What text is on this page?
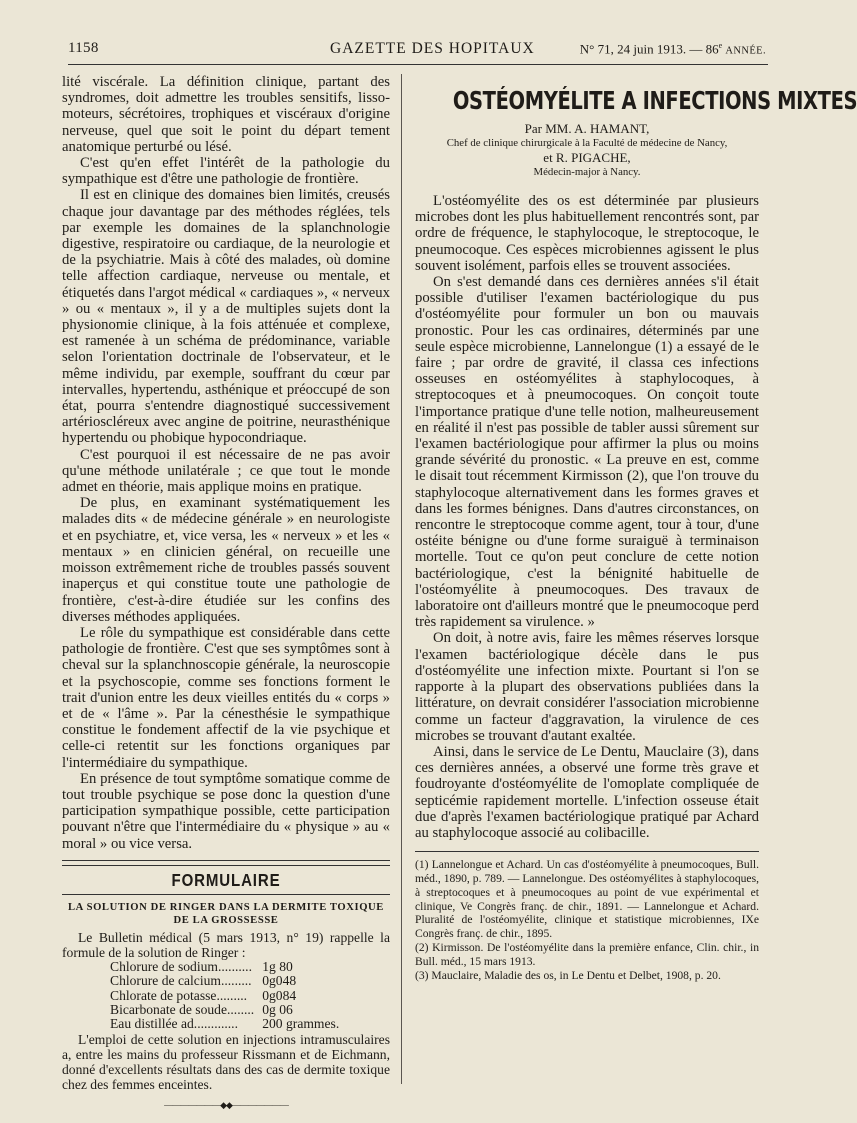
1158	GAZETTE DES HOPITAUX	N° 71, 24 juin 1913. — 86e ANNÉE.

lité viscérale. La définition clinique, partant des syndromes, doit admettre les troubles sensitifs, lisso-moteurs, sécrétoires, trophiques et viscéraux d'origine nerveuse, quel que soit le point du départ tement anatomique perturbé ou lésé.

C'est qu'en effet l'intérêt de la pathologie du sympathique est d'être une pathologie de frontière.

Il est en clinique des domaines bien limités, creusés chaque jour davantage par des méthodes réglées, tels par exemple les domaines de la splanchnologie digestive, respiratoire ou cardiaque, de la neurologie et de la psychiatrie. Mais à côté des malades, où domine telle affection cardiaque, nerveuse ou mentale, et étiquetés dans l'argot médical « cardiaques », « nerveux » ou « mentaux », il y a de multiples sujets dont la physionomie clinique, à la fois atténuée et complexe, est ramenée à un schéma de prédominance, variable selon l'orientation doctrinale de l'observateur, et le même individu, par exemple, souffrant du cœur par intervalles, hypertendu, asthénique et préoccupé de son état, pourra s'entendre diagnostiqué successivement artérioscléreux avec angine de poitrine, neurasthénique hypertendu ou phobique hypocondriaque.

C'est pourquoi il est nécessaire de ne pas avoir qu'une méthode unilatérale ; ce que tout le monde admet en théorie, mais applique moins en pratique.

De plus, en examinant systématiquement les malades dits « de médecine générale » en neurologiste et en psychiatre, et, vice versa, les « nerveux » et les « mentaux » en clinicien général, on recueille une moisson extrêmement riche de troubles passés souvent inaperçus et qui constitue toute une pathologie de frontière, c'est-à-dire étudiée sur les confins des diverses méthodes appliquées.

Le rôle du sympathique est considérable dans cette pathologie de frontière. C'est que ses symptômes sont à cheval sur la splanchnoscopie générale, la neuroscopie et la psychoscopie, comme ses fonctions forment le trait d'union entre les deux vieilles entités du « corps » et de « l'âme ». Par la cénesthésie le sympathique constitue le fondement affectif de la vie psychique et celle-ci retentit sur les fonctions organiques par l'intermédiaire du sympathique.

En présence de tout symptôme somatique comme de tout trouble psychique se pose donc la question d'une participation sympathique possible, cette participation pouvant n'être que l'intermédiaire du « physique » au « moral » ou vice versa.

FORMULAIRE
LA SOLUTION DE RINGER DANS LA DERMITE TOXIQUE
DE LA GROSSESSE

Le Bulletin médical (5 mars 1913, n° 19) rappelle la formule de la solution de Ringer :

Chlorure de sodium..........	1g 80
Chlorure de calcium.........	0g048
Chlorate de potasse.........	0g084
Bicarbonate de soude........	0g 06
Eau distillée ad.............	200 grammes.

L'emploi de cette solution en injections intramusculaires a, entre les mains du professeur Rissmann et de Eichmann, donné d'excellents résultats dans des cas de dermite toxique chez des femmes enceintes.

———————◆◆———————
OSTÉOMYÉLITE A INFECTIONS MIXTES

Par MM. A. HAMANT,

Chef de clinique chirurgicale à la Faculté de médecine de Nancy,

et R. PIGACHE,

Médecin-major à Nancy.

L'ostéomyélite des os est déterminée par plusieurs microbes dont les plus habituellement rencontrés sont, par ordre de fréquence, le staphylocoque, le streptocoque, le pneumocoque. Ces espèces microbiennes agissent le plus souvent isolément, parfois elles se trouvent associées.

On s'est demandé dans ces dernières années s'il était possible d'utiliser l'examen bactériologique du pus d'ostéomyélite pour formuler un bon ou mauvais pronostic. Pour les cas ordinaires, déterminés par une seule espèce microbienne, Lannelongue (1) a essayé de le faire ; par ordre de gravité, il classa ces infections osseuses en ostéomyélites à staphylocoques, à streptocoques et à pneumocoques. On conçoit toute l'importance pratique d'une telle notion, malheureusement en réalité il n'est pas possible de tabler aussi sûrement sur l'examen bactériologique pour affirmer la plus ou moins grande sévérité du pronostic. « La preuve en est, comme le disait tout récemment Kirmisson (2), que l'on trouve du staphylocoque alternativement dans les formes graves et dans les formes bénignes. Dans d'autres circonstances, on rencontre le streptocoque comme agent, tour à tour, d'une ostéite bénigne ou d'une forme suraiguë à terminaison mortelle. Tout ce qu'on peut conclure de cette notion bactériologique, c'est la bénignité habituelle de l'ostéomyélite à pneumocoques. Des travaux de laboratoire ont d'ailleurs montré que le pneumocoque perd très rapidement sa virulence. »

On doit, à notre avis, faire les mêmes réserves lorsque l'examen bactériologique décèle dans le pus d'ostéomyélite une infection mixte. Pourtant si l'on se rapporte à la plupart des observations publiées dans la littérature, on devrait considérer l'association microbienne comme un facteur d'aggravation, la virulence de ces microbes se trouvant d'autant exaltée.

Ainsi, dans le service de Le Dentu, Mauclaire (3), dans ces dernières années, a observé une forme très grave et foudroyante d'ostéomyélite de l'omoplate compliquée de septicémie rapidement mortelle. L'infection osseuse était due d'après l'examen bactériologique pratiqué par Achard au staphylocoque associé au colibacille.

(1) Lannelongue et Achard. Un cas d'ostéomyélite à pneumocoques, Bull. méd., 1890, p. 789. — Lannelongue. Des ostéomyélites à staphylocoques, à streptocoques et à pneumocoques au point de vue expérimental et clinique, Ve Congrès franç. de chir., 1891. — Lannelongue et Achard. Pluralité de l'ostéomyélite, clinique et statistique microbiennes, IXe Congrès franç. de chir., 1895.

(2) Kirmisson. De l'ostéomyélite dans la première enfance, Clin. chir., in Bull. méd., 15 mars 1913.

(3) Mauclaire, Maladie des os, in Le Dentu et Delbet, 1908, p. 20.
